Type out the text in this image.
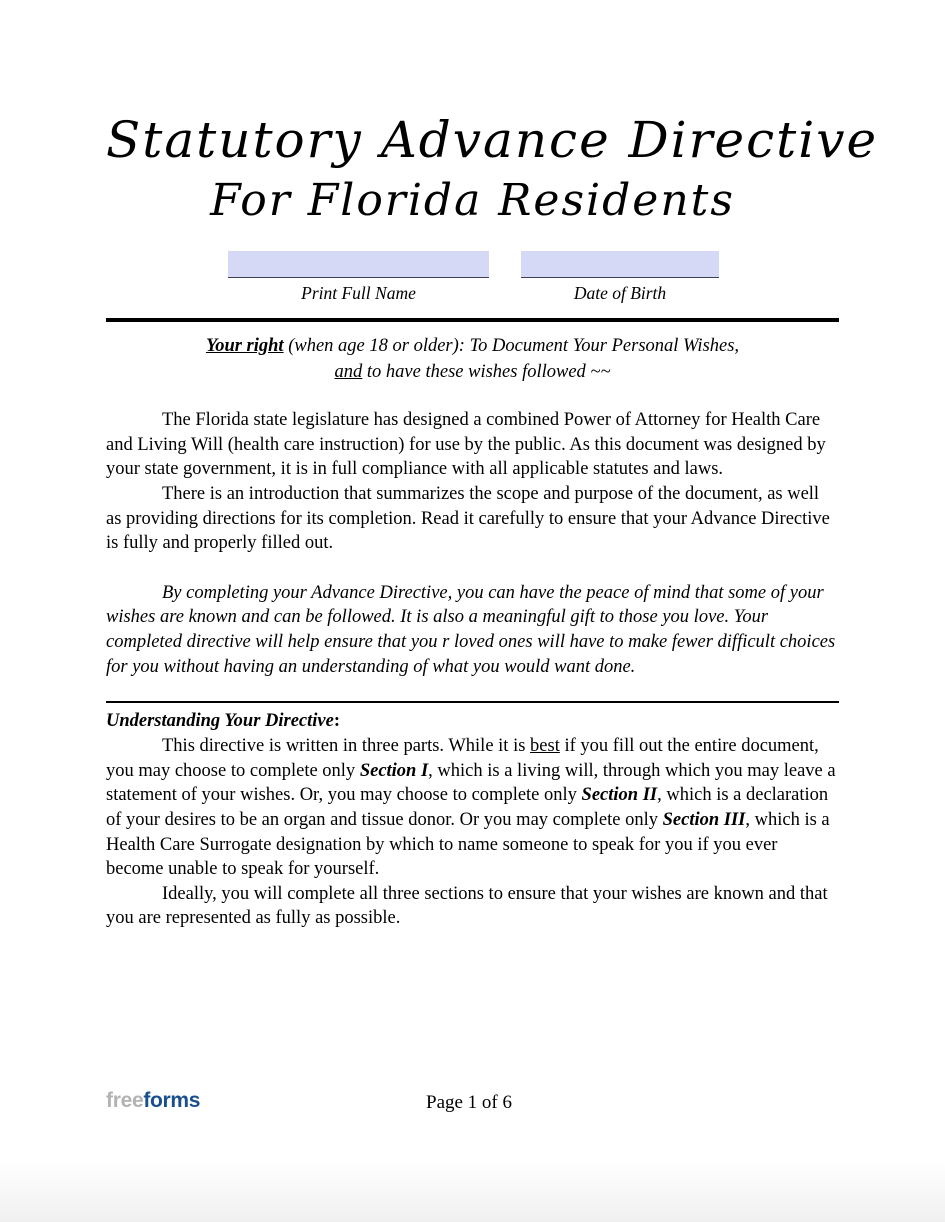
Statutory Advance Directive
For Florida Residents
Print Full Name	Date of Birth
Your right (when age 18 or older): To Document Your Personal Wishes,
and to have these wishes followed ~~

The Florida state legislature has designed a combined Power of Attorney for Health Care and Living Will (health care instruction) for use by the public. As this document was designed by your state government, it is in full compliance with all applicable statutes and laws.

There is an introduction that summarizes the scope and purpose of the document, as well as providing directions for its completion. Read it carefully to ensure that your Advance Directive is fully and properly filled out.

By completing your Advance Directive, you can have the peace of mind that some of your wishes are known and can be followed. It is also a meaningful gift to those you love. Your completed directive will help ensure that you r loved ones will have to make fewer difficult choices for you without having an understanding of what you would want done.

Understanding Your Directive:

This directive is written in three parts. While it is best if you fill out the entire document, you may choose to complete only Section I, which is a living will, through which you may leave a statement of your wishes. Or, you may choose to complete only Section II, which is a declaration of your desires to be an organ and tissue donor. Or you may complete only Section III, which is a Health Care Surrogate designation by which to name someone to speak for you if you ever become unable to speak for yourself.

Ideally, you will complete all three sections to ensure that your wishes are known and that you are represented as fully as possible.

freeforms	Page 1 of 6
